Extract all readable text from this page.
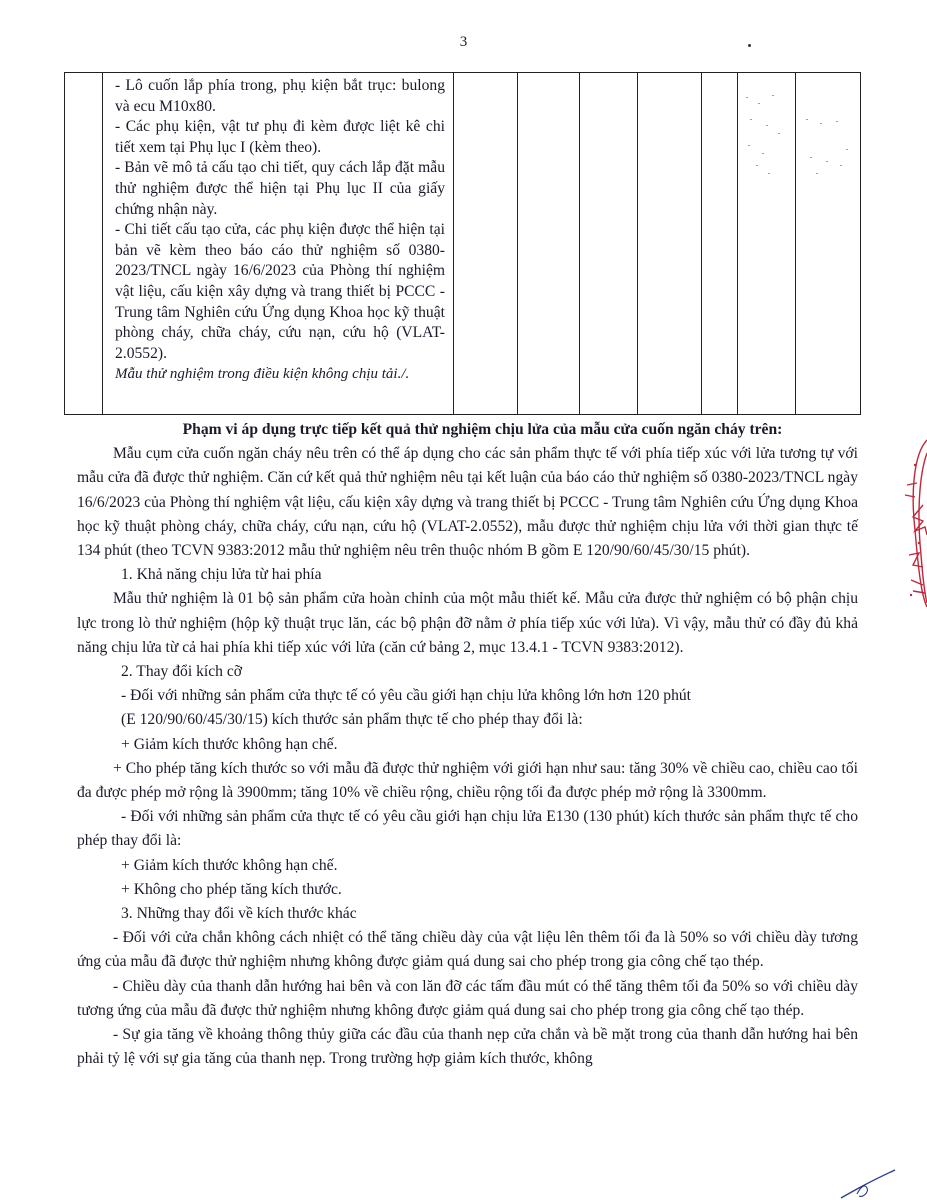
3

- Lô cuốn lắp phía trong, phụ kiện bắt trục: bulong và ecu M10x80.
- Các phụ kiện, vật tư phụ đi kèm được liệt kê chi tiết xem tại Phụ lục I (kèm theo).
- Bản vẽ mô tả cấu tạo chi tiết, quy cách lắp đặt mẫu thử nghiệm được thể hiện tại Phụ lục II của giấy chứng nhận này.
- Chi tiết cấu tạo cửa, các phụ kiện được thể hiện tại bản vẽ kèm theo báo cáo thử nghiệm số 0380-2023/TNCL ngày 16/6/2023 của Phòng thí nghiệm vật liệu, cấu kiện xây dựng và trang thiết bị PCCC - Trung tâm Nghiên cứu Ứng dụng Khoa học kỹ thuật phòng cháy, chữa cháy, cứu nạn, cứu hộ (VLAT-2.0552).
Mẫu thử nghiệm trong điều kiện không chịu tải./.

Phạm vi áp dụng trực tiếp kết quả thử nghiệm chịu lửa của mẫu cửa cuốn ngăn cháy trên:

Mẫu cụm cửa cuốn ngăn cháy nêu trên có thể áp dụng cho các sản phẩm thực tế với phía tiếp xúc với lửa tương tự với mẫu cửa đã được thử nghiệm. Căn cứ kết quả thử nghiệm nêu tại kết luận của báo cáo thử nghiệm số 0380-2023/TNCL ngày 16/6/2023 của Phòng thí nghiệm vật liệu, cấu kiện xây dựng và trang thiết bị PCCC - Trung tâm Nghiên cứu Ứng dụng Khoa học kỹ thuật phòng cháy, chữa cháy, cứu nạn, cứu hộ (VLAT-2.0552), mẫu được thử nghiệm chịu lửa với thời gian thực tế 134 phút (theo TCVN 9383:2012 mẫu thử nghiệm nêu trên thuộc nhóm B gồm E 120/90/60/45/30/15 phút).

1. Khả năng chịu lửa từ hai phía

Mẫu thử nghiệm là 01 bộ sản phẩm cửa hoàn chỉnh của một mẫu thiết kế. Mẫu cửa được thử nghiệm có bộ phận chịu lực trong lò thử nghiệm (hộp kỹ thuật trục lăn, các bộ phận đỡ nằm ở phía tiếp xúc với lửa). Vì vậy, mẫu thử có đầy đủ khả năng chịu lửa từ cả hai phía khi tiếp xúc với lửa (căn cứ bảng 2, mục 13.4.1 - TCVN 9383:2012).

2. Thay đổi kích cỡ

- Đối với những sản phẩm cửa thực tế có yêu cầu giới hạn chịu lửa không lớn hơn 120 phút

(E 120/90/60/45/30/15) kích thước sản phẩm thực tế cho phép thay đổi là:

+ Giảm kích thước không hạn chế.

+ Cho phép tăng kích thước so với mẫu đã được thử nghiệm với giới hạn như sau: tăng 30% về chiều cao, chiều cao tối đa được phép mở rộng là 3900mm; tăng 10% về chiều rộng, chiều rộng tối đa được phép mở rộng là 3300mm.

- Đối với những sản phẩm cửa thực tế có yêu cầu giới hạn chịu lửa E130 (130 phút) kích thước sản phẩm thực tế cho phép thay đổi là:

+ Giảm kích thước không hạn chế.

+ Không cho phép tăng kích thước.

3. Những thay đổi về kích thước khác

- Đối với cửa chắn không cách nhiệt có thể tăng chiều dày của vật liệu lên thêm tối đa là 50% so với chiều dày tương ứng của mẫu đã được thử nghiệm nhưng không được giảm quá dung sai cho phép trong gia công chế tạo thép.

- Chiều dày của thanh dẫn hướng hai bên và con lăn đỡ các tấm đầu mút có thể tăng thêm tối đa 50% so với chiều dày tương ứng của mẫu đã được thử nghiệm nhưng không được giảm quá dung sai cho phép trong gia công chế tạo thép.

- Sự gia tăng về khoảng thông thủy giữa các đầu của thanh nẹp cửa chắn và bề mặt trong của thanh dẫn hướng hai bên phải tỷ lệ với sự gia tăng của thanh nẹp. Trong trường hợp giảm kích thước, không
